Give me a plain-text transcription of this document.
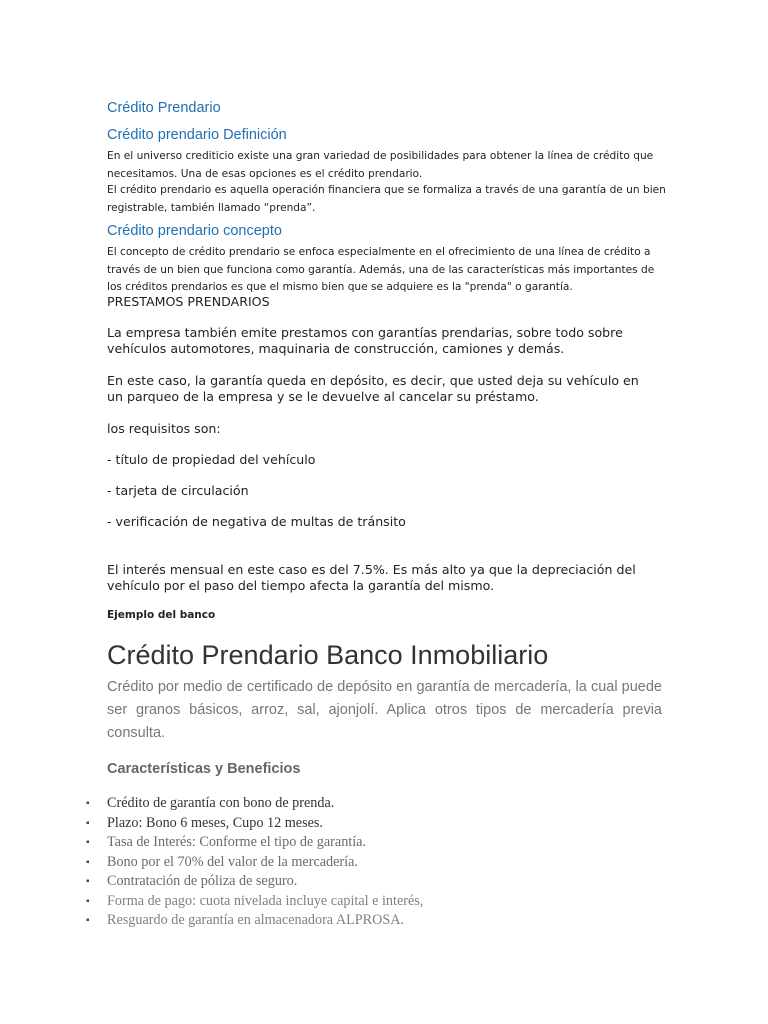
Crédito Prendario
Crédito prendario Definición
En el universo crediticio existe una gran variedad de posibilidades para obtener la línea de crédito que necesitamos. Una de esas opciones es el crédito prendario.
El crédito prendario es aquella operación financiera que se formaliza a través de una garantía de un bien registrable, también llamado “prenda”.
Crédito prendario concepto
El concepto de crédito prendario se enfoca especialmente en el ofrecimiento de una línea de crédito a través de un bien que funciona como garantía. Además, una de las características más importantes de los créditos prendarios es que el mismo bien que se adquiere es la "prenda" o garantía.
PRESTAMOS PRENDARIOS
La empresa también emite prestamos con garantías prendarias, sobre todo sobre vehículos automotores, maquinaria de construcción, camiones y demás.
En este caso, la garantía queda en depósito, es decir, que usted deja su vehículo en un parqueo de la empresa y se le devuelve al cancelar su préstamo.
los requisitos son:
- título de propiedad del vehículo
- tarjeta de circulación
- verificación de negativa de multas de tránsito
El interés mensual en este caso es del 7.5%. Es más alto ya que la depreciación del vehículo por el paso del tiempo afecta la garantía del mismo.
Ejemplo del banco
Crédito Prendario Banco Inmobiliario
Crédito por medio de certificado de depósito en garantía de mercadería, la cual puede ser granos básicos, arroz, sal, ajonjolí. Aplica otros tipos de mercadería previa consulta.
Características y Beneficios
▪ Crédito de garantía con bono de prenda.
▪ Plazo: Bono 6 meses, Cupo 12 meses.
▪ Tasa de Interés: Conforme el tipo de garantía.
▪ Bono por el 70% del valor de la mercadería.
▪ Contratación de póliza de seguro.
▪ Forma de pago: cuota nivelada incluye capital e interés,
▪ Resguardo de garantía en almacenadora ALPROSA.
